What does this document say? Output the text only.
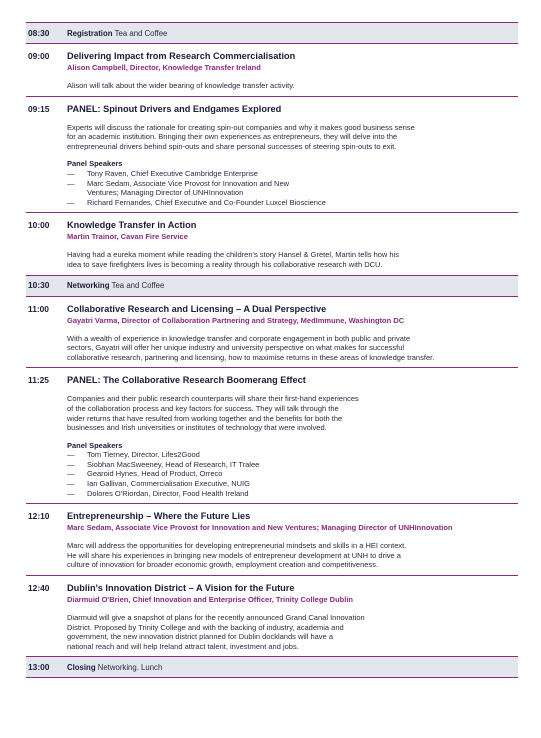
08:30	Registration Tea and Coffee
09:00	Delivering Impact from Research Commercialisation
Alison Campbell, Director, Knowledge Transfer Ireland
Alison will talk about the wider bearing of knowledge transfer activity.
09:15	PANEL: Spinout Drivers and Endgames Explored
Experts will discuss the rationale for creating spin-out companies and why it makes good business sense
for an academic institution. Bringing their own experiences as entrepreneurs, they will delve into the
entrepreneurial drivers behind spin-outs and share personal successes of steering spin-outs to exit.
Panel Speakers
—	Tony Raven, Chief Executive Cambridge Enterprise
—	Marc Sedam, Associate Vice Provost for Innovation and New
Ventures; Managing Director of UNHInnovation
—	Richard Fernandes, Chief Executive and Co-Founder Luxcel Bioscience
10:00	Knowledge Transfer in Action
Martin Trainor, Cavan Fire Service
Having had a eureka moment while reading the children's story Hansel & Gretel, Martin tells how his
idea to save firefighters lives is becoming a reality through his collaborative research with DCU.
10:30	Networking Tea and Coffee
11:00	Collaborative Research and Licensing – A Dual Perspective
Gayatri Varma, Director of Collaboration Partnering and Strategy, MedImmune, Washington DC
With a wealth of experience in knowledge transfer and corporate engagement in both public and private
sectors, Gayatri will offer her unique industry and university perspective on what makes for successful
collaborative research, partnering and licensing, how to maximise returns in these areas of knowledge transfer.
11:25	PANEL: The Collaborative Research Boomerang Effect
Companies and their public research counterparts will share their first-hand experiences
of the collaboration process and key factors for success. They will talk through the
wider returns that have resulted from working together and the benefits for both the
businesses and Irish universities or institutes of technology that were involved.
Panel Speakers
—	Tom Tierney, Director, Lifes2Good
—	Siobhan MacSweeney, Head of Research, IT Tralee
—	Gearoid Hynes, Head of Product, Orreco
—	Ian Gallivan, Commercialisation Executive, NUIG
—	Dolores O'Riordan, Director, Food Health Ireland
12:10	Entrepreneurship – Where the Future Lies
Marc Sedam, Associate Vice Provost for Innovation and New Ventures; Managing Director of UNHInnovation
Marc will address the opportunities for developing entrepreneurial mindsets and skills in a HEI context.
He will share his experiences in bringing new models of entrepreneur development at UNH to drive a
culture of innovation for broader economic growth, employment creation and competitiveness.
12:40	Dublin's Innovation District – A Vision for the Future
Diarmuid O'Brien, Chief Innovation and Enterprise Officer, Trinity College Dublin
Diarmuid will give a snapshot of plans for the recently announced Grand Canal Innovation
District. Proposed by Trinity College and with the backing of industry, academia and
government, the new innovation district planned for Dublin docklands will have a
national reach and will help Ireland attract talent, investment and jobs.
13:00	Closing Networking. Lunch
